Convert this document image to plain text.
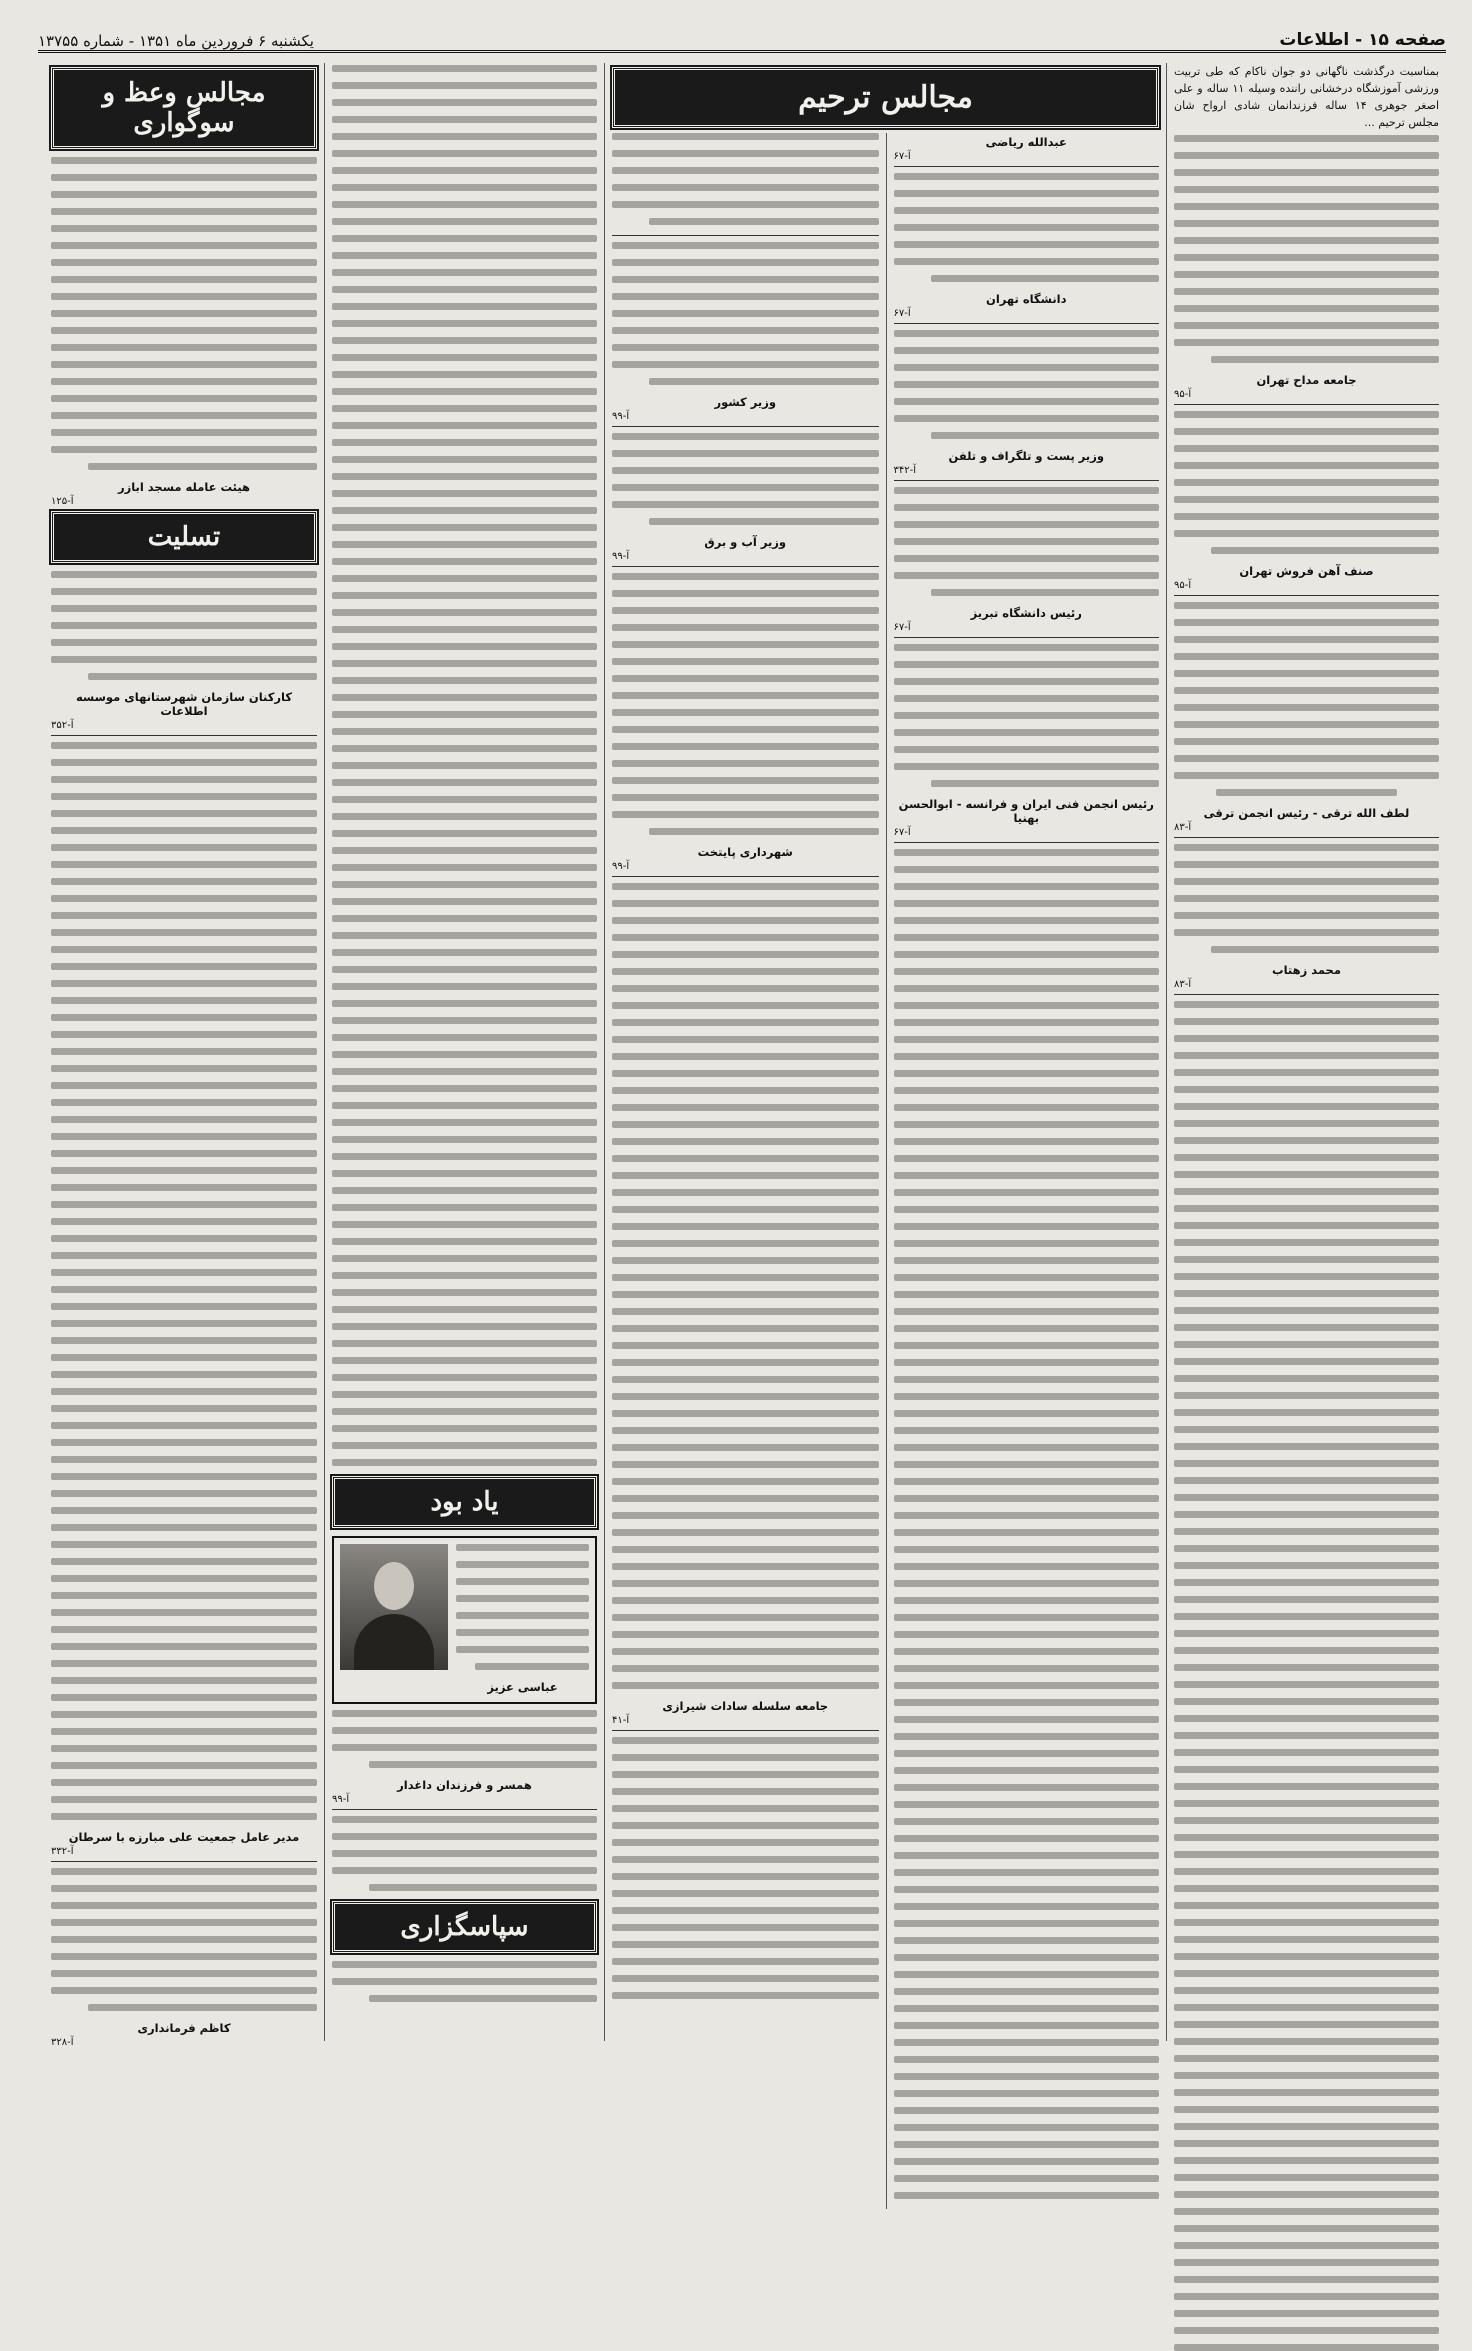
صفحه ۱۵ - اطلاعات
یکشنبه ۶ فروردین ماه ۱۳۵۱ - شماره ۱۳۷۵۵
بمناسبت درگذشت ناگهانی دو جوان ناکام که طی تربیت ورزشی آموزشگاه درخشانی راننده وسیله ۱۱ ساله و علی اصغر جوهری ۱۴ ساله فرزندانمان شادی ارواح شان مجلس ترحیم ...
جامعه مداح تهران
۹۵-آ
صنف آهن فروش تهران
۹۵-آ
لطف الله ترقی - رئیس انجمن ترقی
۸۳-آ
محمد زهتاب
۸۳-آ
مجالس ترحیم
عبدالله ریاضی
۶۷-آ
دانشگاه تهران
۶۷-آ
وزیر پست و تلگراف و تلفن
۳۴۲-آ
رئیس دانشگاه تبریز
۶۷-آ
رئیس انجمن فنی ایران و فرانسه - ابوالحسن بهنیا
۶۷-آ
وزیر کشور
۹۹-آ
وزیر آب و برق
۹۹-آ
شهرداری پایتخت
۹۹-آ
جامعه سلسله سادات شیرازی
۴۱-آ
یاد بود
عباسی عزیز
همسر و فرزندان داغدار
۹۹-آ
سپاسگزاری
مجالس وعظ و سوگواری
هیئت عامله مسجد ابازر
۱۲۵-آ
تسلیت
کارکنان سازمان شهرستانهای موسسه اطلاعات
۳۵۲-آ
مدیر عامل جمعیت علی مبارزه با سرطان
۳۳۲-آ
کاظم فرمانداری
۳۲۸-آ
